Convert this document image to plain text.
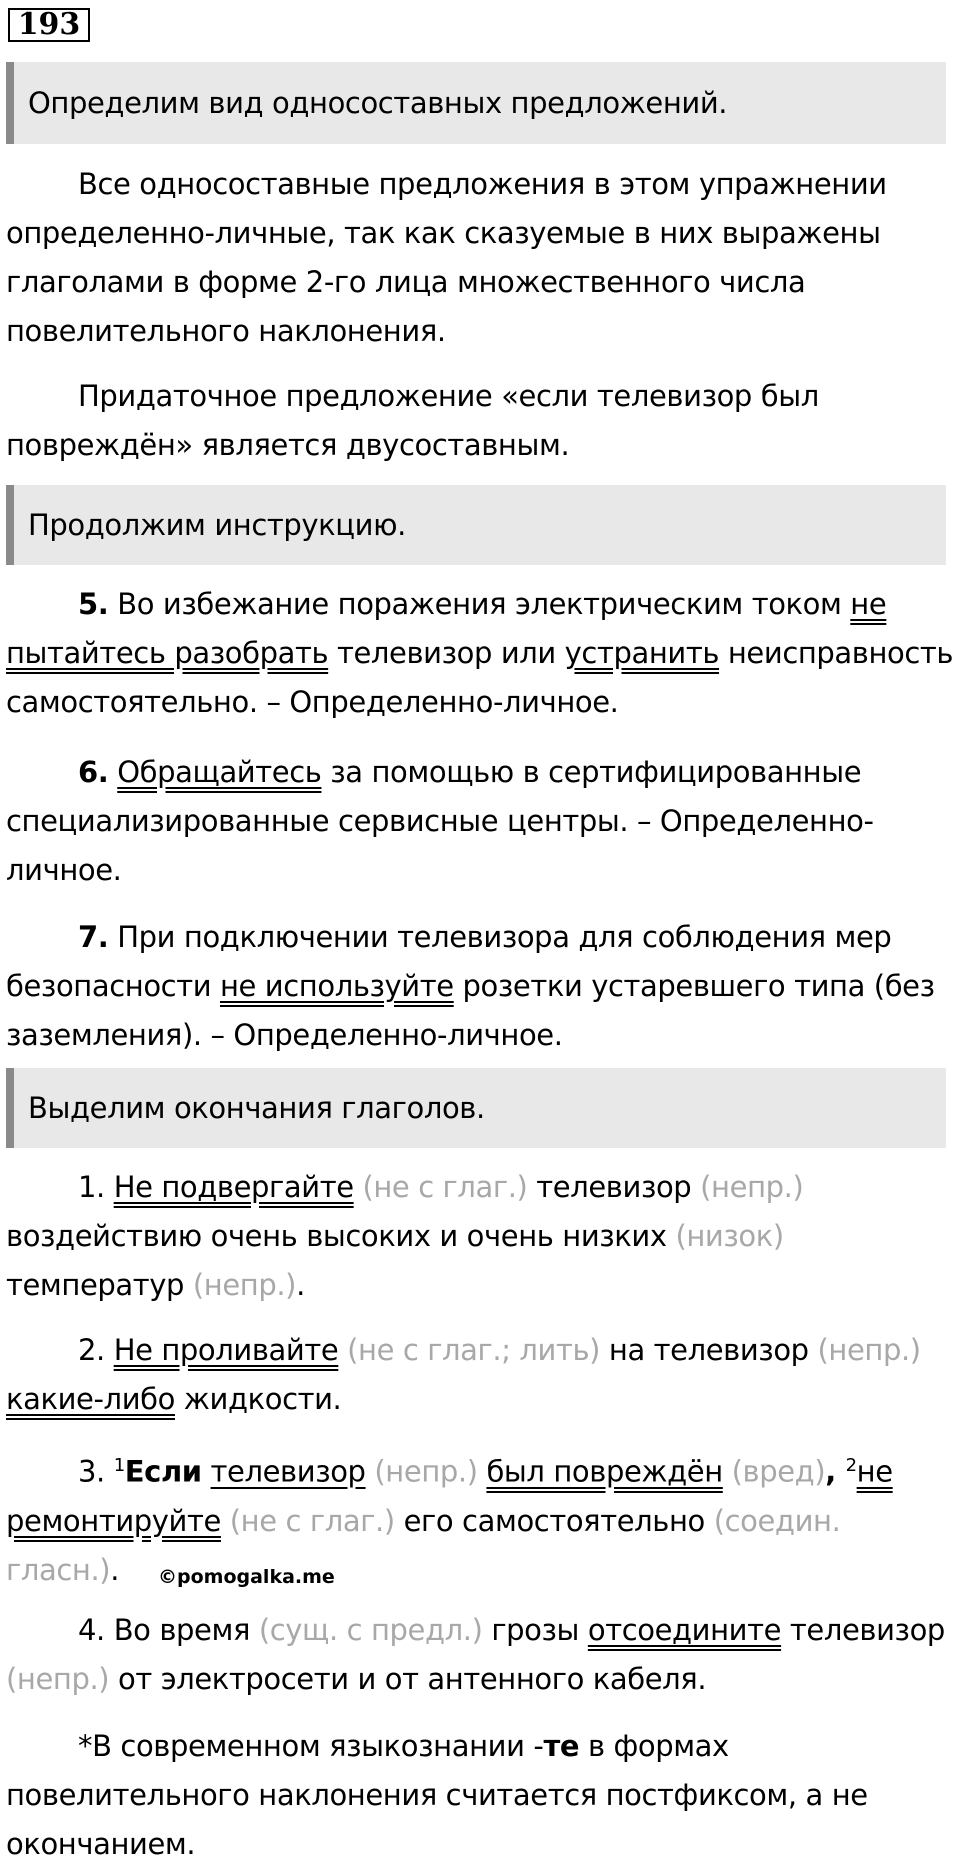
193
Определим вид односоставных предложений.

Все односоставные предложения в этом упражнении определенно-личные, так как сказуемые в них выражены глаголами в форме 2-го лица множественного числа повелительного наклонения.

Придаточное предложение «если телевизор был повреждён» является двусоставным.

Продолжим инструкцию.

5. Во избежание поражения электрическим током не пытайтесь разобрать телевизор или устранить неисправность самостоятельно. – Определенно-личное.

6. Обращайтесь за помощью в сертифицированные специализированные сервисные центры. – Определенно-личное.

7. При подключении телевизора для соблюдения мер безопасности не используйте розетки устаревшего типа (без заземления). – Определенно-личное.

Выделим окончания глаголов.

1. Не подвергайте (не с глаг.) телевизор (непр.) воздействию очень высоких и очень низких (низок) температур (непр.).

2. Не проливайте (не с глаг.; лить) на телевизор (непр.) какие-либо жидкости.

3. $^1$Если телевизор (непр.) был повреждён (вред), $^2$не ремонтируйте (не с глаг.) его самостоятельно (соедин. гласн.).	©pomogalka.me

4. Во время (сущ. с предл.) грозы отсоедините телевизор (непр.) от электросети и от антенного кабеля.

*В современном языкознании -те в формах повелительного наклонения считается постфиксом, а не окончанием.
